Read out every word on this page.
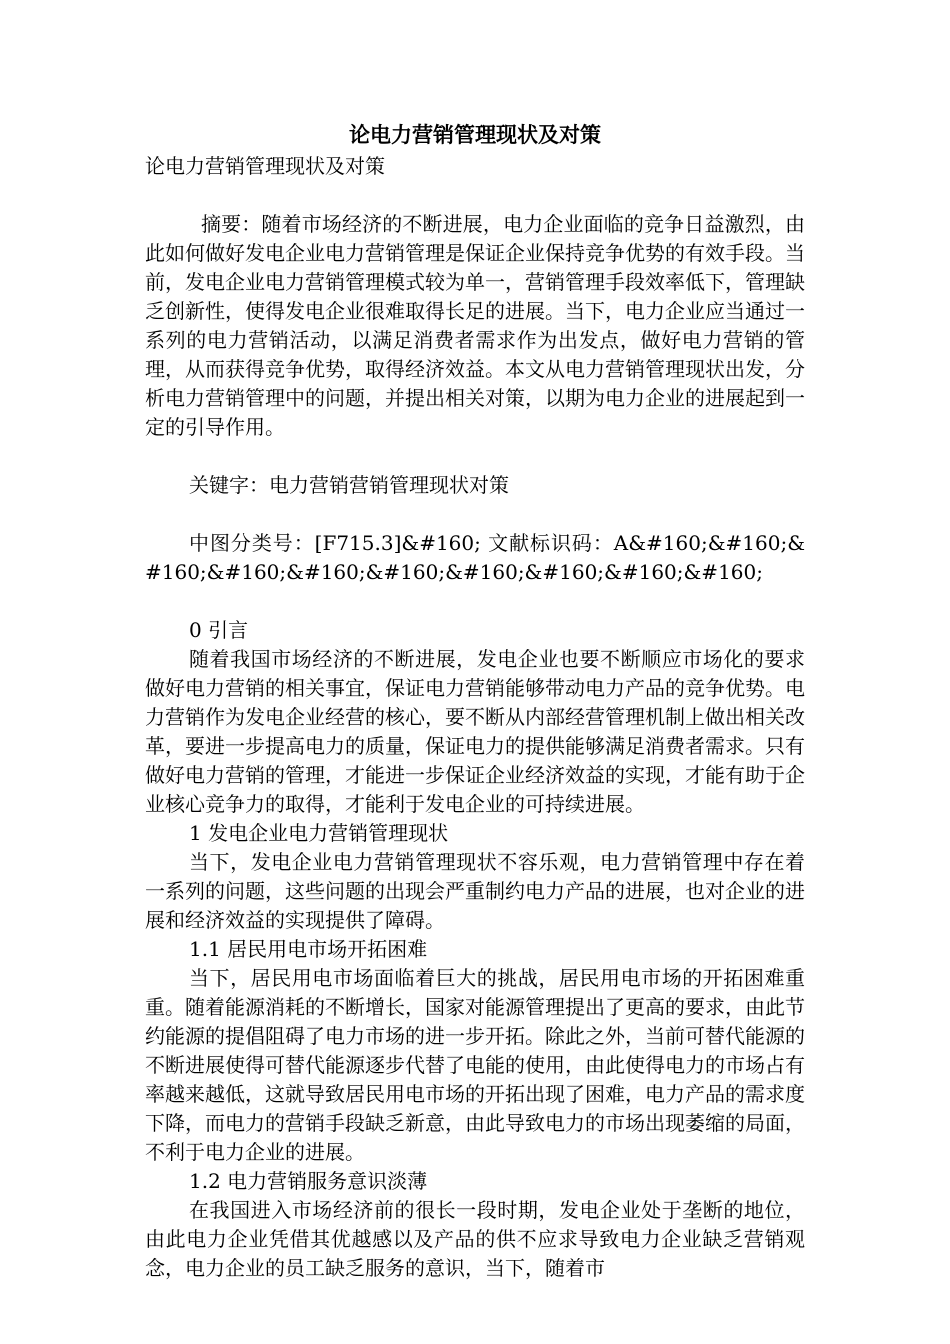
论电力营销管理现状及对策
论电力营销管理现状及对策

摘要：随着市场经济的不断进展，电力企业面临的竞争日益激烈，由此如何做好发电企业电力营销管理是保证企业保持竞争优势的有效手段。当前，发电企业电力营销管理模式较为单一，营销管理手段效率低下，管理缺乏创新性，使得发电企业很难取得长足的进展。当下，电力企业应当通过一系列的电力营销活动，以满足消费者需求作为出发点，做好电力营销的管理，从而获得竞争优势，取得经济效益。本文从电力营销管理现状出发，分析电力营销管理中的问题，并提出相关对策，以期为电力企业的进展起到一定的引导作用。

关键字：电力营销营销管理现状对策

中图分类号：[F715.3]&#160; 文献标识码：A&#160;&#160;&#160;&#160;&#160;&#160;&#160;&#160;&#160;&#160;

0 引言

随着我国市场经济的不断进展，发电企业也要不断顺应市场化的要求做好电力营销的相关事宜，保证电力营销能够带动电力产品的竞争优势。电力营销作为发电企业经营的核心，要不断从内部经营管理机制上做出相关改革，要进一步提高电力的质量，保证电力的提供能够满足消费者需求。只有做好电力营销的管理，才能进一步保证企业经济效益的实现，才能有助于企业核心竞争力的取得，才能利于发电企业的可持续进展。

1 发电企业电力营销管理现状

当下，发电企业电力营销管理现状不容乐观，电力营销管理中存在着一系列的问题，这些问题的出现会严重制约电力产品的进展，也对企业的进展和经济效益的实现提供了障碍。

1.1 居民用电市场开拓困难

当下，居民用电市场面临着巨大的挑战，居民用电市场的开拓困难重重。随着能源消耗的不断增长，国家对能源管理提出了更高的要求，由此节约能源的提倡阻碍了电力市场的进一步开拓。除此之外，当前可替代能源的不断进展使得可替代能源逐步代替了电能的使用，由此使得电力的市场占有率越来越低，这就导致居民用电市场的开拓出现了困难，电力产品的需求度下降，而电力的营销手段缺乏新意，由此导致电力的市场出现萎缩的局面，不利于电力企业的进展。

1.2 电力营销服务意识淡薄

在我国进入市场经济前的很长一段时期，发电企业处于垄断的地位，由此电力企业凭借其优越感以及产品的供不应求导致电力企业缺乏营销观念，电力企业的员工缺乏服务的意识，当下，随着市
